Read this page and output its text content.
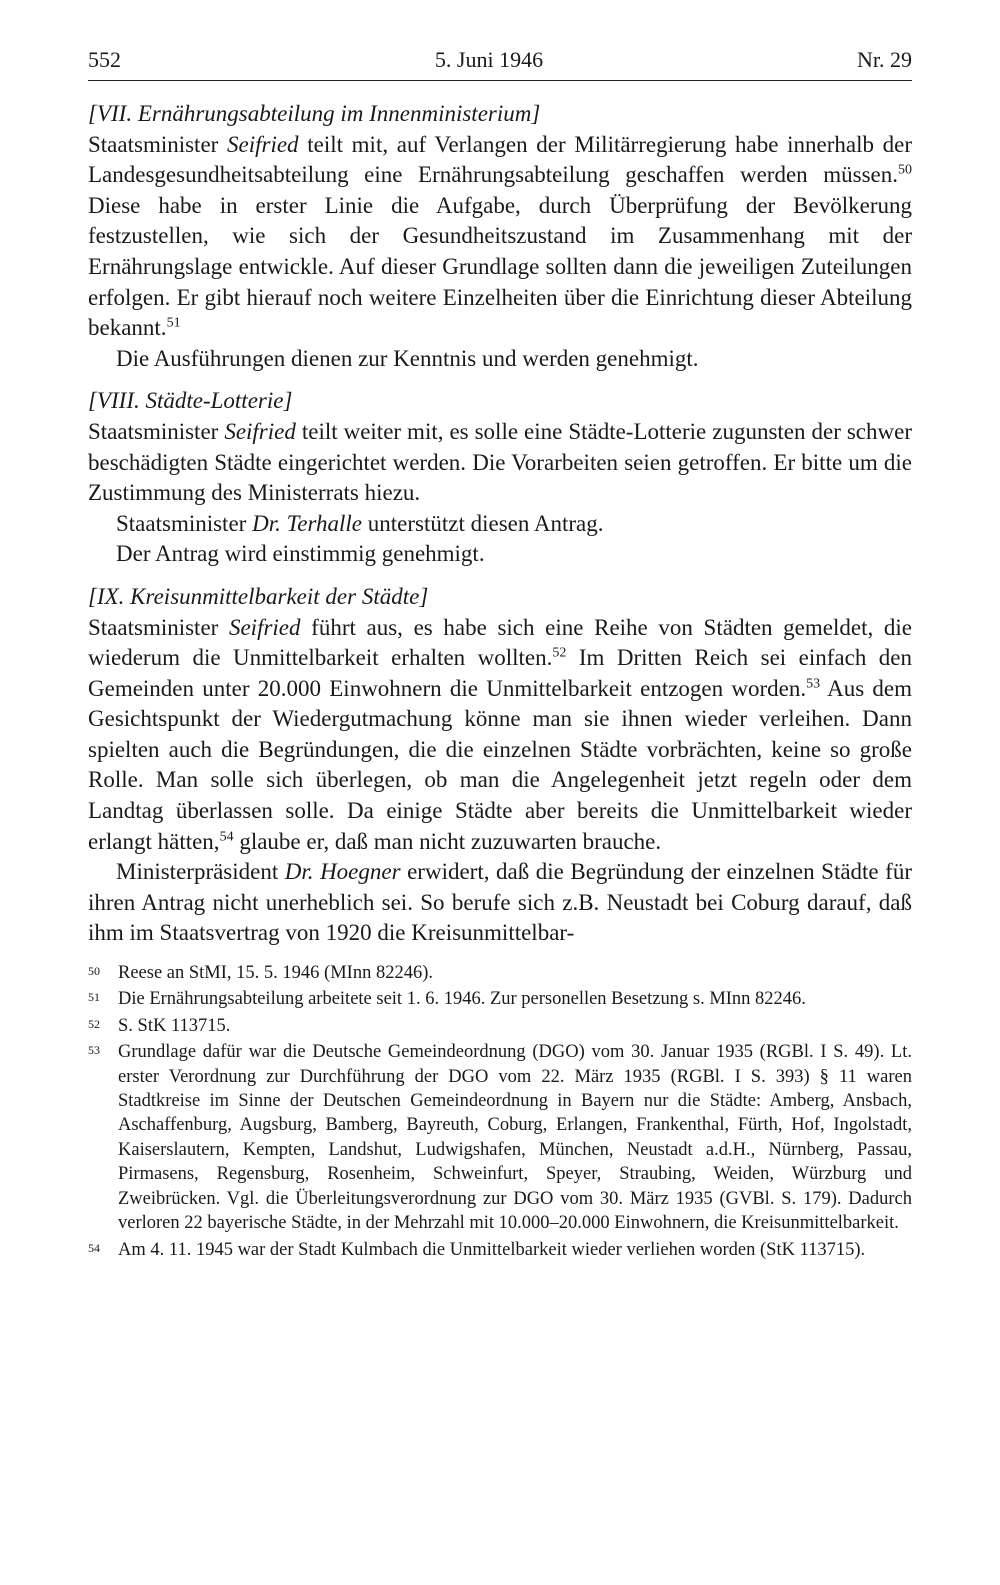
552	5. Juni 1946	Nr. 29

[VII. Ernährungsabteilung im Innenministerium]

Staatsminister Seifried teilt mit, auf Verlangen der Militärregierung habe innerhalb der Landesgesundheitsabteilung eine Ernährungsabteilung geschaffen werden müssen.$^{50}$ Diese habe in erster Linie die Aufgabe, durch Überprüfung der Bevölkerung festzustellen, wie sich der Gesundheitszustand im Zusammenhang mit der Ernährungslage entwickle. Auf dieser Grundlage sollten dann die jeweiligen Zuteilungen erfolgen. Er gibt hierauf noch weitere Einzelheiten über die Einrichtung dieser Abteilung bekannt.$^{51}$

Die Ausführungen dienen zur Kenntnis und werden genehmigt.

[VIII. Städte-Lotterie]

Staatsminister Seifried teilt weiter mit, es solle eine Städte-Lotterie zugunsten der schwer beschädigten Städte eingerichtet werden. Die Vorarbeiten seien getroffen. Er bitte um die Zustimmung des Ministerrats hiezu.

Staatsminister Dr. Terhalle unterstützt diesen Antrag.

Der Antrag wird einstimmig genehmigt.

[IX. Kreisunmittelbarkeit der Städte]

Staatsminister Seifried führt aus, es habe sich eine Reihe von Städten gemeldet, die wiederum die Unmittelbarkeit erhalten wollten.$^{52}$ Im Dritten Reich sei einfach den Gemeinden unter 20.000 Einwohnern die Unmittelbarkeit entzogen worden.$^{53}$ Aus dem Gesichtspunkt der Wiedergutmachung könne man sie ihnen wieder verleihen. Dann spielten auch die Begründungen, die die einzelnen Städte vorbrächten, keine so große Rolle. Man solle sich überlegen, ob man die Angelegenheit jetzt regeln oder dem Landtag überlassen solle. Da einige Städte aber bereits die Unmittelbarkeit wieder erlangt hätten,$^{54}$ glaube er, daß man nicht zuzuwarten brauche.

Ministerpräsident Dr. Hoegner erwidert, daß die Begründung der einzelnen Städte für ihren Antrag nicht unerheblich sei. So berufe sich z.B. Neustadt bei Coburg darauf, daß ihm im Staatsvertrag von 1920 die Kreisunmittelbar-

50 Reese an StMI, 15. 5. 1946 (MInn 82246).
51 Die Ernährungsabteilung arbeitete seit 1. 6. 1946. Zur personellen Besetzung s. MInn 82246.
52 S. StK 113715.
53 Grundlage dafür war die Deutsche Gemeindeordnung (DGO) vom 30. Januar 1935 (RGBl. I S. 49). Lt. erster Verordnung zur Durchführung der DGO vom 22. März 1935 (RGBl. I S. 393) § 11 waren Stadtkreise im Sinne der Deutschen Gemeindeordnung in Bayern nur die Städte: Amberg, Ansbach, Aschaffenburg, Augsburg, Bamberg, Bayreuth, Coburg, Erlangen, Frankenthal, Fürth, Hof, Ingolstadt, Kaiserslautern, Kempten, Landshut, Ludwigshafen, München, Neustadt a.d.H., Nürnberg, Passau, Pirmasens, Regensburg, Rosenheim, Schweinfurt, Speyer, Straubing, Weiden, Würzburg und Zweibrücken. Vgl. die Überleitungsverordnung zur DGO vom 30. März 1935 (GVBl. S. 179). Dadurch verloren 22 bayerische Städte, in der Mehrzahl mit 10.000–20.000 Einwohnern, die Kreisunmittelbarkeit.
54 Am 4. 11. 1945 war der Stadt Kulmbach die Unmittelbarkeit wieder verliehen worden (StK 113715).
